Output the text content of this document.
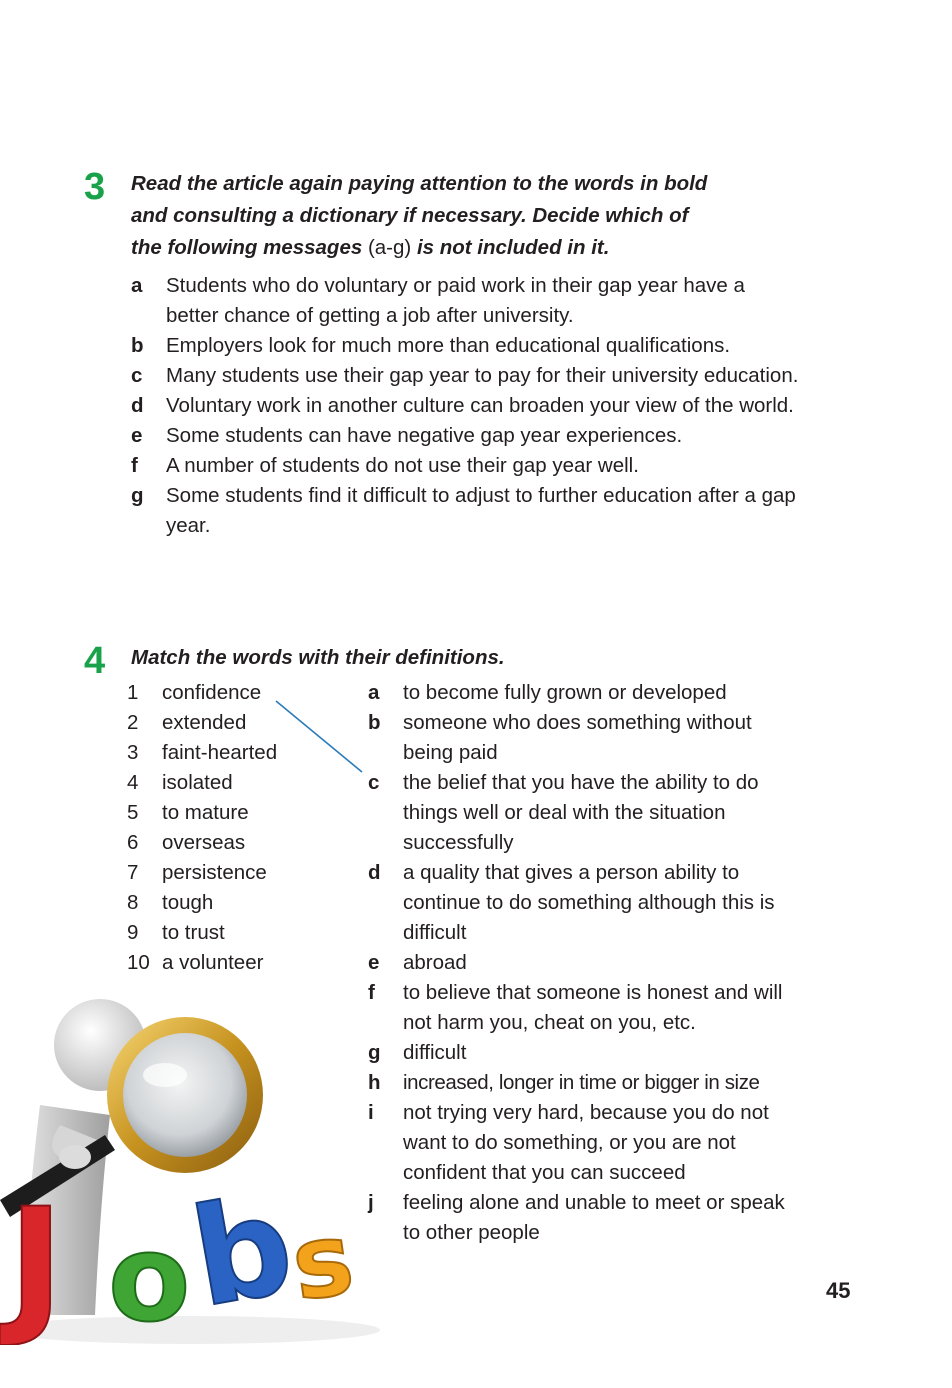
3 Read the article again paying attention to the words in bold
and consulting a dictionary if necessary. Decide which of
the following messages (a-g) is not included in it.
a Students who do voluntary or paid work in their gap year have a better chance of getting a job after university.
b Employers look for much more than educational qualifications.
c Many students use their gap year to pay for their university education.
d Voluntary work in another culture can broaden your view of the world.
e Some students can have negative gap year experiences.
f A number of students do not use their gap year well.
g Some students find it difficult to adjust to further education after a gap year.
4 Match the words with their definitions.
1 confidence
2 extended
3 faint-hearted
4 isolated
5 to mature
6 overseas
7 persistence
8 tough
9 to trust
10 a volunteer
a to become fully grown or developed
b someone who does something without being paid
c the belief that you have the ability to do things well or deal with the situation successfully
d a quality that gives a person ability to continue to do something although this is difficult
e abroad
f to believe that someone is honest and will not harm you, cheat on you, etc.
g difficult
h increased, longer in time or bigger in size
i not trying very hard, because you do not want to do something, or you are not confident that you can succeed
j feeling alone and unable to meet or speak to other people
J o
b
s	45
